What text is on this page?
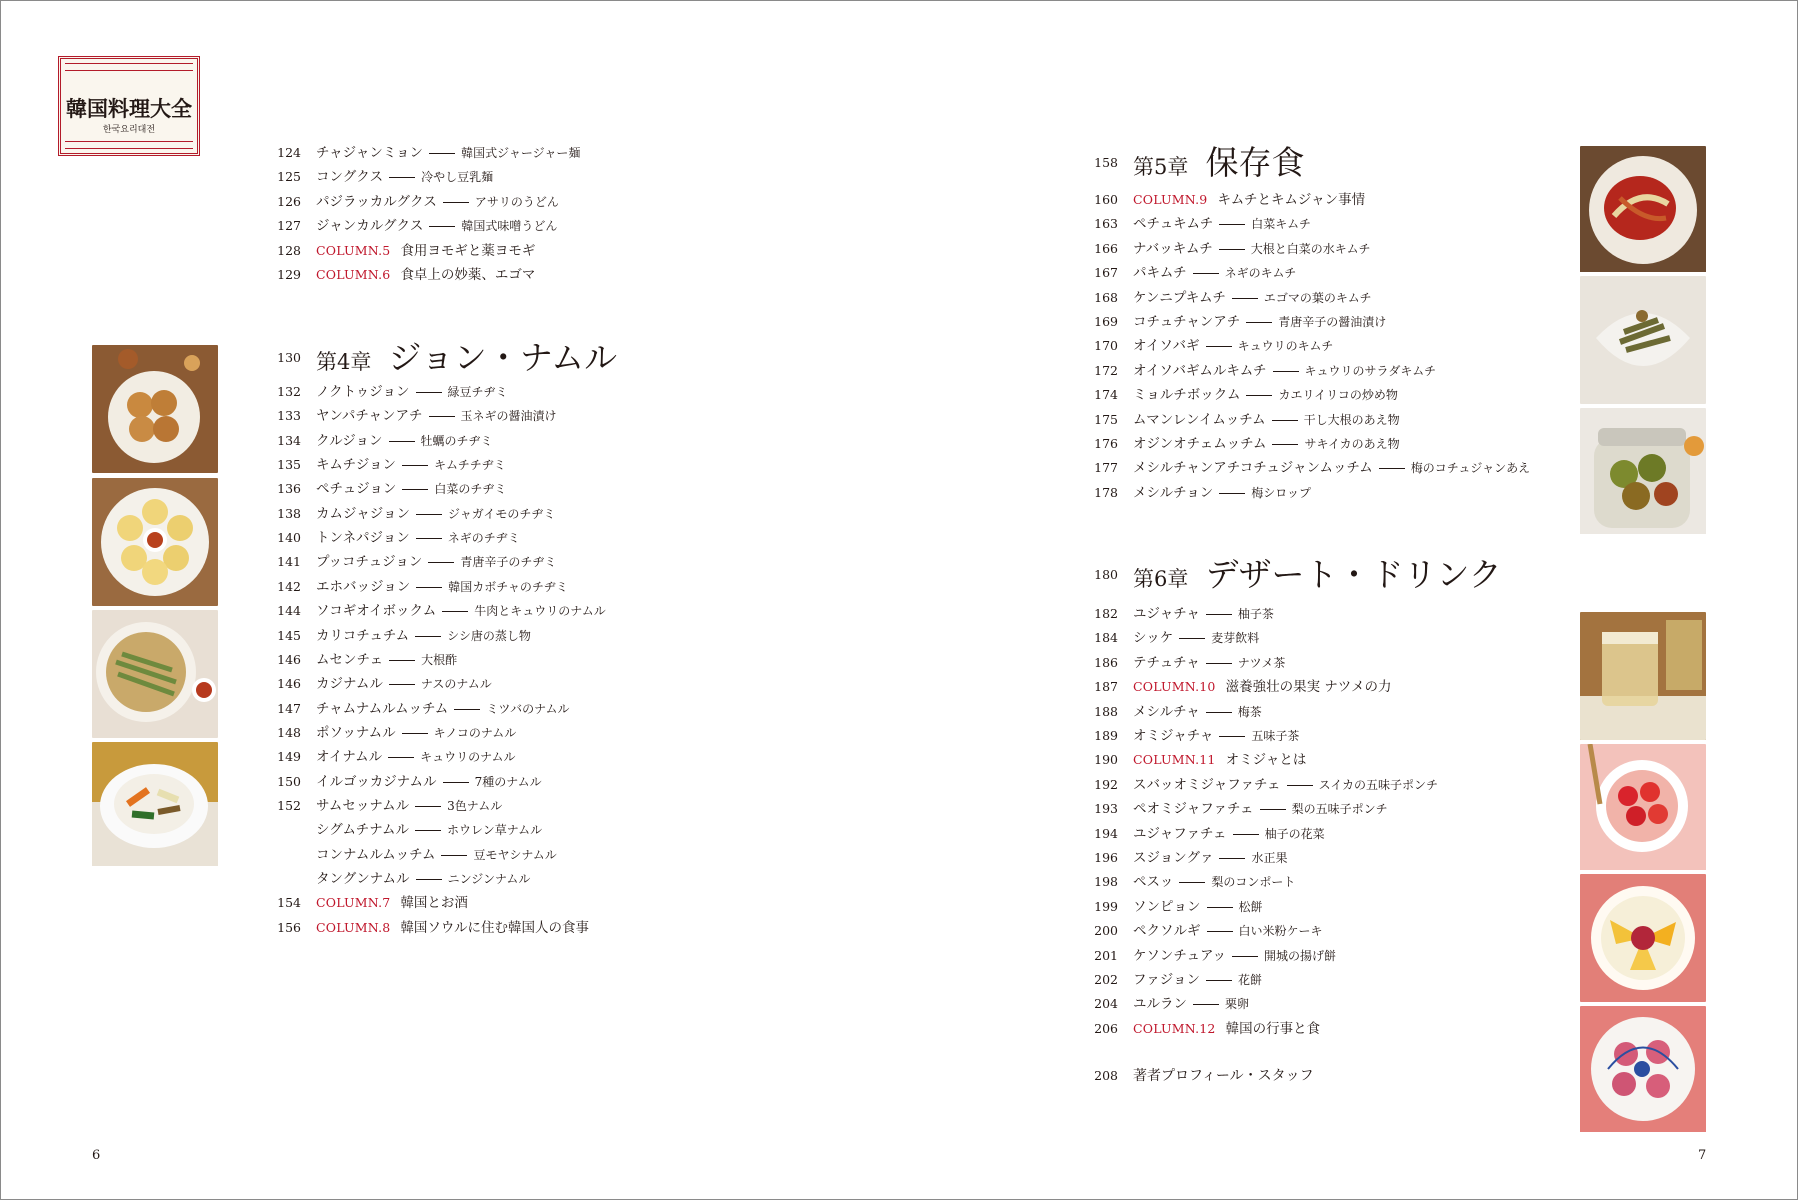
韓国料理大全
한국요리대전
124 チャジャンミョン	韓国式ジャージャー麺
125 コングクス	冷やし豆乳麺
126 パジラッカルグクス	アサリのうどん
127 ジャンカルグクス	韓国式味噌うどん
128 COLUMN.5 食用ヨモギと薬ヨモギ
129 COLUMN.6 食卓上の妙薬、エゴマ
130 第4章 ジョン・ナムル
132 ノクトゥジョン	緑豆チヂミ
133 ヤンパチャンアチ	玉ネギの醤油漬け
134 クルジョン	牡蠣のチヂミ
135 キムチジョン	キムチチヂミ
136 ペチュジョン	白菜のチヂミ
138 カムジャジョン	ジャガイモのチヂミ
140 トンネパジョン	ネギのチヂミ
141 プッコチュジョン	青唐辛子のチヂミ
142 エホバッジョン	韓国カボチャのチヂミ
144 ソコギオイボックム	牛肉とキュウリのナムル
145 カリコチュチム	シシ唐の蒸し物
146 ムセンチェ	大根酢
146 カジナムル	ナスのナムル
147 チャムナムルムッチム	ミツバのナムル
148 ポソッナムル	キノコのナムル
149 オイナムル	キュウリのナムル
150 イルゴッカジナムル	7種のナムル
152 サムセッナムル	3色ナムル
シグムチナムル	ホウレン草ナムル
コンナムルムッチム	豆モヤシナムル
タングンナムル	ニンジンナムル
154 COLUMN.7 韓国とお酒
156 COLUMN.8 韓国ソウルに住む韓国人の食事
158 第5章 保存食
160 COLUMN.9 キムチとキムジャン事情
163 ペチュキムチ	白菜キムチ
166 ナバッキムチ	大根と白菜の水キムチ
167 パキムチ	ネギのキムチ
168 ケンニプキムチ	エゴマの葉のキムチ
169 コチュチャンアチ	青唐辛子の醤油漬け
170 オイソバギ	キュウリのキムチ
172 オイソバギムルキムチ	キュウリのサラダキムチ
174 ミョルチボックム	カエリイリコの炒め物
175 ムマンレンイムッチム	干し大根のあえ物
176 オジンオチェムッチム	サキイカのあえ物
177 メシルチャンアチコチュジャンムッチム	梅のコチュジャンあえ
178 メシルチョン	梅シロップ
180 第6章 デザート・ドリンク
182 ユジャチャ	柚子茶
184 シッケ	麦芽飲料
186 テチュチャ	ナツメ茶
187 COLUMN.10 滋養強壮の果実 ナツメの力
188 メシルチャ	梅茶
189 オミジャチャ	五味子茶
190 COLUMN.11 オミジャとは
192 スバッオミジャファチェ	スイカの五味子ポンチ
193 ペオミジャファチェ	梨の五味子ポンチ
194 ユジャファチェ	柚子の花菜
196 スジョングァ	水正果
198 ペスッ	梨のコンポート
199 ソンピョン	松餅
200 ペクソルギ	白い米粉ケーキ
201 ケソンチュアッ	開城の揚げ餅
202 ファジョン	花餅
204 ユルラン	栗卵
206 COLUMN.12 韓国の行事と食
208 著者プロフィール・スタッフ
6	7
